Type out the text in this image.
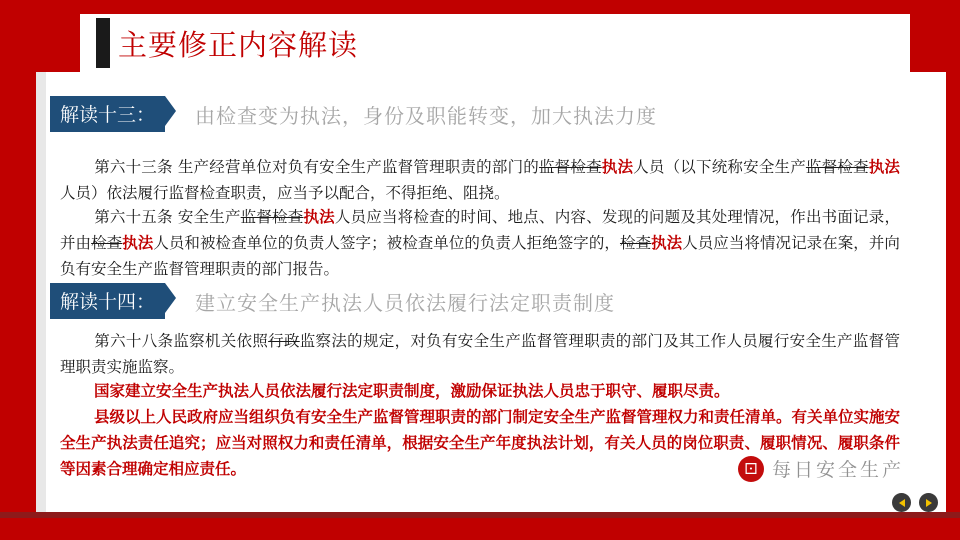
主要修正内容解读
解读十三：	由检查变为执法，身份及职能转变，加大执法力度
第六十三条 生产经营单位对负有安全生产监督管理职责的部门的监督检查执法人员（以下统称安全生产监督检查执法人员）依法履行监督检查职责，应当予以配合，不得拒绝、阻挠。
第六十五条 安全生产监督检查执法人员应当将检查的时间、地点、内容、发现的问题及其处理情况，作出书面记录，并由检查执法人员和被检查单位的负责人签字；被检查单位的负责人拒绝签字的，检查执法人员应当将情况记录在案，并向负有安全生产监督管理职责的部门报告。
解读十四：	建立安全生产执法人员依法履行法定职责制度
第六十八条监察机关依照行政监察法的规定，对负有安全生产监督管理职责的部门及其工作人员履行安全生产监督管理职责实施监察。
国家建立安全生产执法人员依法履行法定职责制度，激励保证执法人员忠于职守、履职尽责。
县级以上人民政府应当组织负有安全生产监督管理职责的部门制定安全生产监督管理权力和责任清单。有关单位实施安全生产执法责任追究；应当对照权力和责任清单，根据安全生产年度执法计划，有关人员的岗位职责、履职情况、履职条件等因素合理确定相应责任。	⚀ 每日安全生产
